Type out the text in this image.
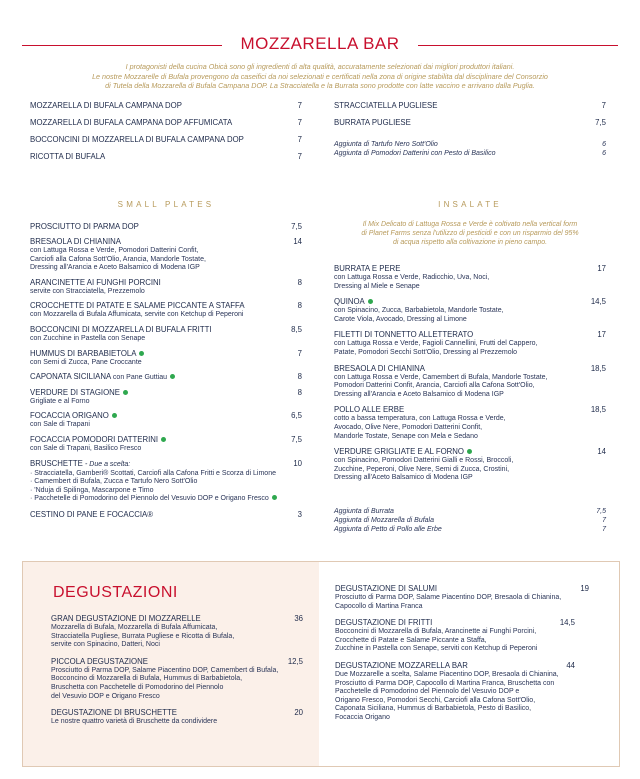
MOZZARELLA BAR
I protagonisti della cucina Obicà sono gli ingredienti di alta qualità, accuratamente selezionati dai migliori produttori italiani.
Le nostre Mozzarelle di Bufala provengono da caseifici da noi selezionati e certificati nella zona di origine stabilita dal disciplinare del Consorzio
di Tutela della Mozzarella di Bufala Campana DOP. La Stracciatella e la Burrata sono prodotte con latte vaccino e arrivano dalla Puglia.
MOZZARELLA DI BUFALA CAMPANA DOP	7
MOZZARELLA DI BUFALA CAMPANA DOP AFFUMICATA	7
BOCCONCINI DI MOZZARELLA DI BUFALA CAMPANA DOP	7
RICOTTA DI BUFALA	7
STRACCIATELLA PUGLIESE	7
BURRATA PUGLIESE	7,5
Aggiunta di Tartufo Nero Sott'Olio	6
Aggiunta di Pomodori Datterini con Pesto di Basilico	6
SMALL PLATES	INSALATE
PROSCIUTTO DI PARMA DOP	7,5
BRESAOLA DI CHIANINA	14
con Lattuga Rossa e Verde, Pomodori Datterini Confit,
Carciofi alla Cafona Sott'Olio, Arancia, Mandorle Tostate,
Dressing all'Arancia e Aceto Balsamico di Modena IGP
ARANCINETTE AI FUNGHI PORCINI	8
servite con Stracciatella, Prezzemolo
CROCCHETTE DI PATATE E SALAME PICCANTE A STAFFA	8
con Mozzarella di Bufala Affumicata, servite con Ketchup di Peperoni
BOCCONCINI DI MOZZARELLA DI BUFALA FRITTI	8,5
con Zucchine in Pastella con Senape
HUMMUS DI BARBABIETOLA	7
con Semi di Zucca, Pane Croccante
CAPONATA SICILIANA con Pane Guttiau	8
VERDURE DI STAGIONE	8
Grigliate e al Forno
FOCACCIA ORIGANO	6,5
con Sale di Trapani
FOCACCIA POMODORI DATTERINI	7,5
con Sale di Trapani, Basilico Fresco
BRUSCHETTE - Due a scelta:	10
· Stracciatella, Gamberi® Scottati, Carciofi alla Cafona Fritti e Scorza di Limone
· Camembert di Bufala, Zucca e Tartufo Nero Sott'Olio
· 'Nduja di Spilinga, Mascarpone e Timo
· Pacchetelle di Pomodorino del Piennolo del Vesuvio DOP e Origano Fresco
CESTINO DI PANE E FOCACCIA®	3
Il Mix Delicato di Lattuga Rossa e Verde è coltivato nella vertical form
di Planet Farms senza l'utilizzo di pesticidi e con un risparmio del 95%
di acqua rispetto alla coltivazione in pieno campo.
BURRATA E PERE	17
con Lattuga Rossa e Verde, Radicchio, Uva, Noci,
Dressing al Miele e Senape
QUINOA	14,5
con Spinacino, Zucca, Barbabietola, Mandorle Tostate,
Carote Viola, Avocado, Dressing al Limone
FILETTI DI TONNETTO ALLETTERATO	17
con Lattuga Rossa e Verde, Fagioli Cannellini, Frutti del Cappero,
Patate, Pomodori Secchi Sott'Olio, Dressing al Prezzemolo
BRESAOLA DI CHIANINA	18,5
con Lattuga Rossa e Verde, Camembert di Bufala, Mandorle Tostate,
Pomodori Datterini Confit, Arancia, Carciofi alla Cafona Sott'Olio,
Dressing all'Arancia e Aceto Balsamico di Modena IGP
POLLO ALLE ERBE	18,5
cotto a bassa temperatura, con Lattuga Rossa e Verde,
Avocado, Olive Nere, Pomodori Datterini Confit,
Mandorle Tostate, Senape con Mela e Sedano
VERDURE GRIGLIATE E AL FORNO	14
con Spinacino, Pomodori Datterini Gialli e Rossi, Broccoli,
Zucchine, Peperoni, Olive Nere, Semi di Zucca, Crostini,
Dressing all'Aceto Balsamico di Modena IGP
Aggiunta di Burrata	7,5
Aggiunta di Mozzarella di Bufala	7
Aggiunta di Petto di Pollo alle Erbe	7
DEGUSTAZIONI
GRAN DEGUSTAZIONE DI MOZZARELLE	36
Mozzarella di Bufala, Mozzarella di Bufala Affumicata,
Stracciatella Pugliese, Burrata Pugliese e Ricotta di Bufala,
servite con Spinacino, Datteri, Noci
PICCOLA DEGUSTAZIONE	12,5
Prosciutto di Parma DOP, Salame Piacentino DOP, Camembert di Bufala,
Bocconcino di Mozzarella di Bufala, Hummus di Barbabietola,
Bruschetta con Pacchetelle di Pomodorino del Piennolo
del Vesuvio DOP e Origano Fresco
DEGUSTAZIONE DI BRUSCHETTE	20
Le nostre quattro varietà di Bruschette da condividere
DEGUSTAZIONE DI SALUMI	19
Prosciutto di Parma DOP, Salame Piacentino DOP, Bresaola di Chianina,
Capocollo di Martina Franca
DEGUSTAZIONE DI FRITTI	14,5
Bocconcini di Mozzarella di Bufala, Arancinette ai Funghi Porcini,
Crocchette di Patate e Salame Piccante a Staffa,
Zucchine in Pastella con Senape, serviti con Ketchup di Peperoni
DEGUSTAZIONE MOZZARELLA BAR	44
Due Mozzarelle a scelta, Salame Piacentino DOP, Bresaola di Chianina,
Prosciutto di Parma DOP, Capocollo di Martina Franca, Bruschetta con
Pacchetelle di Pomodorino del Piennolo del Vesuvio DOP e
Origano Fresco, Pomodori Secchi, Carciofi alla Cafona Sott'Olio,
Caponata Siciliana, Hummus di Barbabietola, Pesto di Basilico,
Focaccia Origano
